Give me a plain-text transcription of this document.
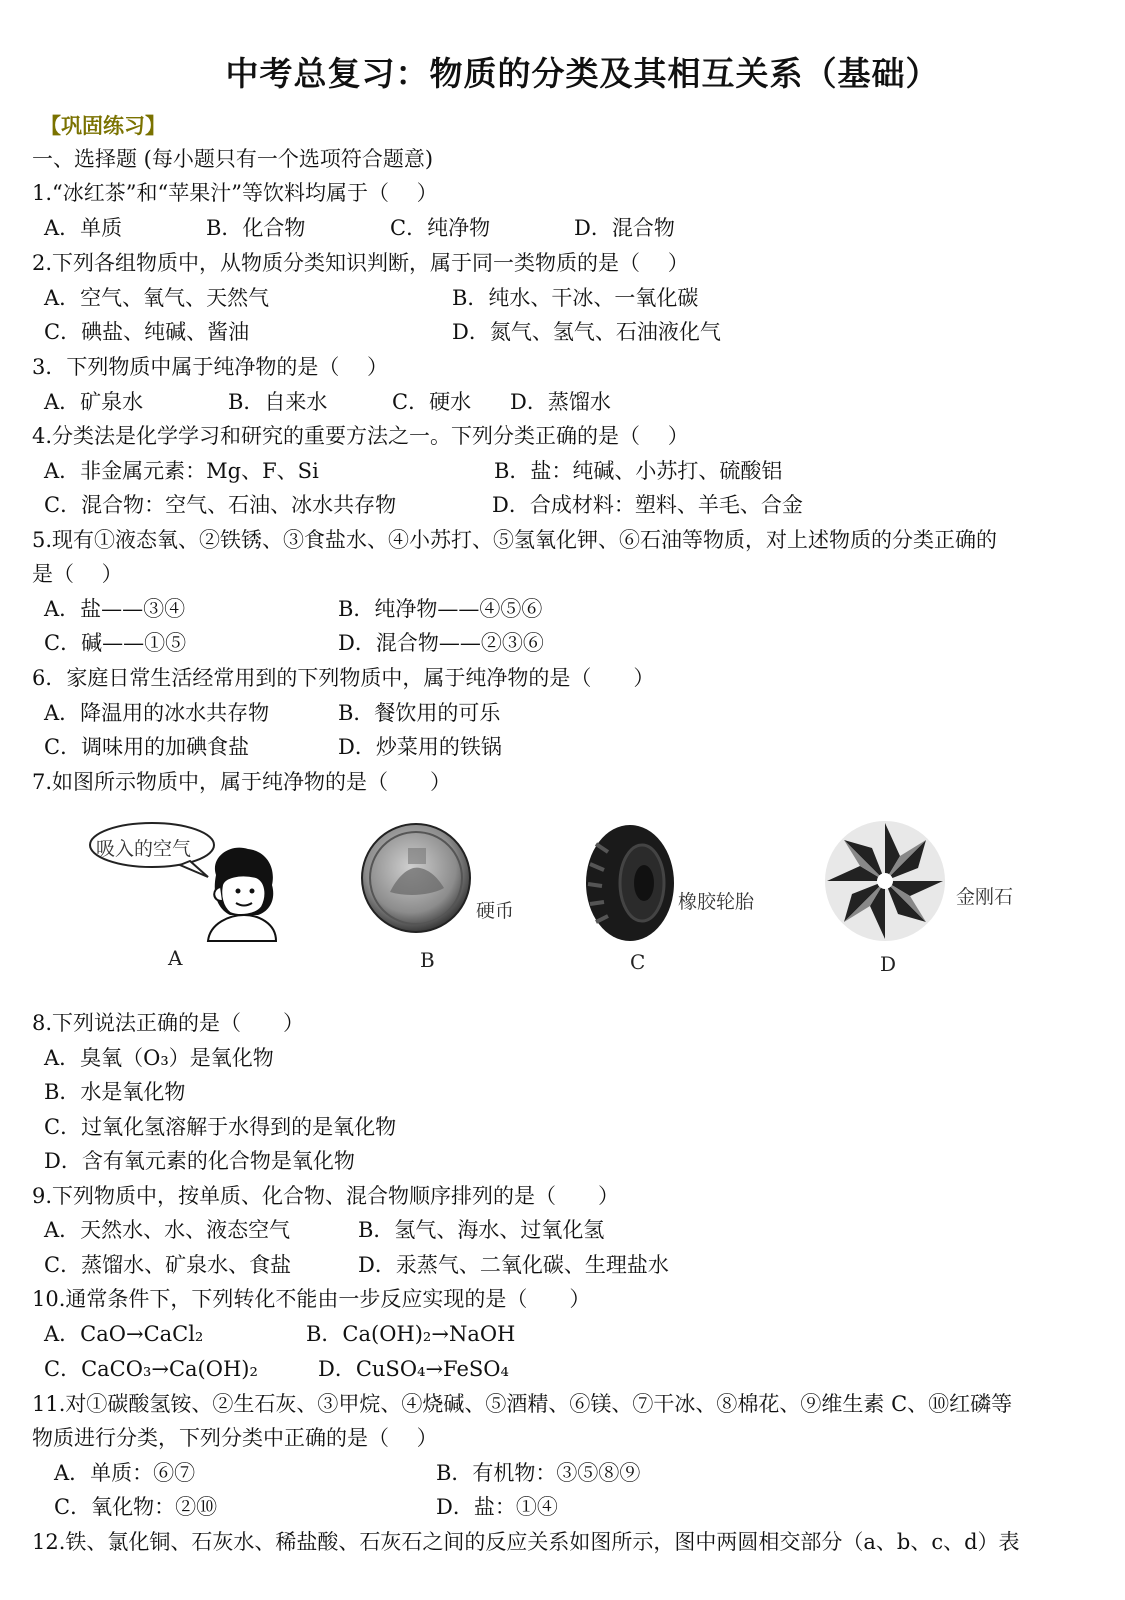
中考总复习：物质的分类及其相互关系（基础）
【巩固练习】
一、选择题 (每小题只有一个选项符合题意)
1.“冰红茶”和“苹果汁”等饮料均属于（　 ）
A．单质	B．化合物	C．纯净物	D．混合物
2.下列各组物质中，从物质分类知识判断，属于同一类物质的是（　 ）
A．空气、氧气、天然气	B．纯水、干冰、一氧化碳
C．碘盐、纯碱、酱油	D．氮气、氢气、石油液化气
3．下列物质中属于纯净物的是（　 ）
A．矿泉水	B．自来水	C．硬水 D．蒸馏水
4.分类法是化学学习和研究的重要方法之一。下列分类正确的是（　 ）
A．非金属元素：Mg、F、Si	B．盐：纯碱、小苏打、硫酸铝
C．混合物：空气、石油、冰水共存物	D．合成材料：塑料、羊毛、合金
5.现有①液态氧、②铁锈、③食盐水、④小苏打、⑤氢氧化钾、⑥石油等物质，对上述物质的分类正确的
是（　 ）
A．盐——③④	B．纯净物——④⑤⑥
C．碱——①⑤	D．混合物——②③⑥
6．家庭日常生活经常用到的下列物质中，属于纯净物的是（　　）
A．降温用的冰水共存物	B．餐饮用的可乐
C．调味用的加碘食盐	D．炒菜用的铁锅
7.如图所示物质中，属于纯净物的是（　　）
吸入的空气
A
硬币
B
橡胶轮胎
C
金刚石
D
8.下列说法正确的是（　　）
A．臭氧（O₃）是氧化物
B．水是氧化物
C．过氧化氢溶解于水得到的是氧化物
D．含有氧元素的化合物是氧化物
9.下列物质中，按单质、化合物、混合物顺序排列的是（　　）
A．天然水、水、液态空气	B．氢气、海水、过氧化氢
C．蒸馏水、矿泉水、食盐	D．汞蒸气、二氧化碳、生理盐水
10.通常条件下，下列转化不能由一步反应实现的是（　　）
A．CaO→CaCl₂	B．Ca(OH)₂→NaOH
C．CaCO₃→Ca(OH)₂	D．CuSO₄→FeSO₄
11.对①碳酸氢铵、②生石灰、③甲烷、④烧碱、⑤酒精、⑥镁、⑦干冰、⑧棉花、⑨维生素 C、⑩红磷等
物质进行分类，下列分类中正确的是（　 ）
A．单质：⑥⑦	B．有机物：③⑤⑧⑨
C．氧化物：②⑩	D．盐：①④
12.铁、氯化铜、石灰水、稀盐酸、石灰石之间的反应关系如图所示，图中两圆相交部分（a、b、c、d）表
